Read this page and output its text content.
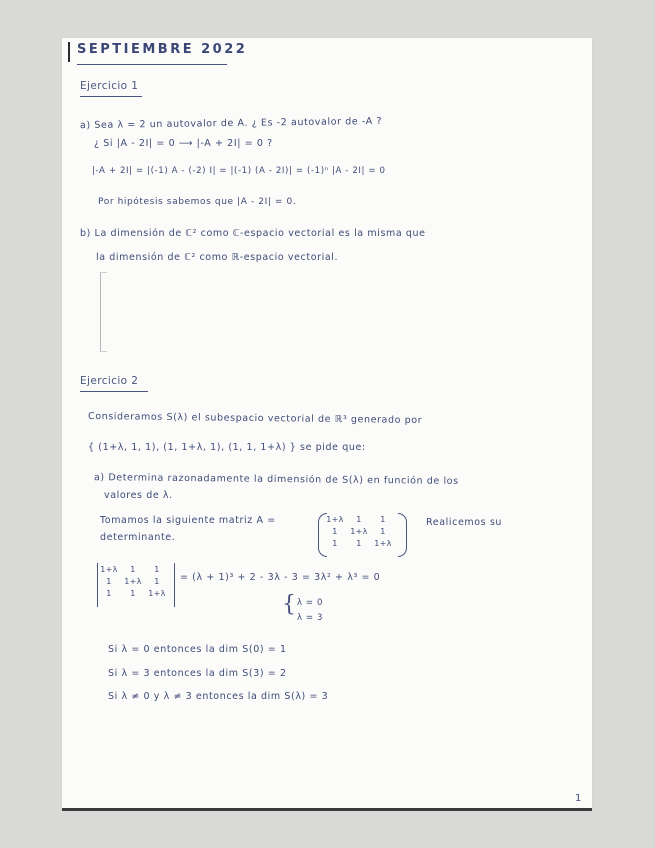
SEPTIEMBRE 2022
Ejercicio 1
a) Sea λ = 2 un autovalor de A. ¿ Es -2 autovalor de -A ?
¿ Si |A - 2I| = 0 ⟶ |-A + 2I| = 0 ?
|-A + 2I| = |(-1) A - (-2) I| = |(-1) (A - 2I)| = (-1)ⁿ |A - 2I| = 0
Por hipótesis sabemos que |A - 2I| = 0.
b) La dimensión de ℂ² como ℂ-espacio vectorial es la misma que
la dimensión de ℂ² como ℝ-espacio vectorial.
Ejercicio 2
Consideramos S(λ) el subespacio vectorial de ℝ³ generado por
{ (1+λ, 1, 1), (1, 1+λ, 1), (1, 1, 1+λ) } se pide que:
a) Determina razonadamente la dimensión de S(λ) en función de los
valores de λ.
Tomamos la siguiente matriz A =
determinante.
1+λ	1	1
1	1+λ	1
1	1	1+λ
Realicemos su
1+λ	1	1
1	1+λ	1
1	1	1+λ
= (λ + 1)³ + 2 - 3λ - 3 = 3λ² + λ³ = 0
{ λ = 0
λ = 3
Si λ = 0 entonces la dim S(0) = 1
Si λ = 3 entonces la dim S(3) = 2
Si λ ≠ 0 y λ ≠ 3 entonces la dim S(λ) = 3
1
